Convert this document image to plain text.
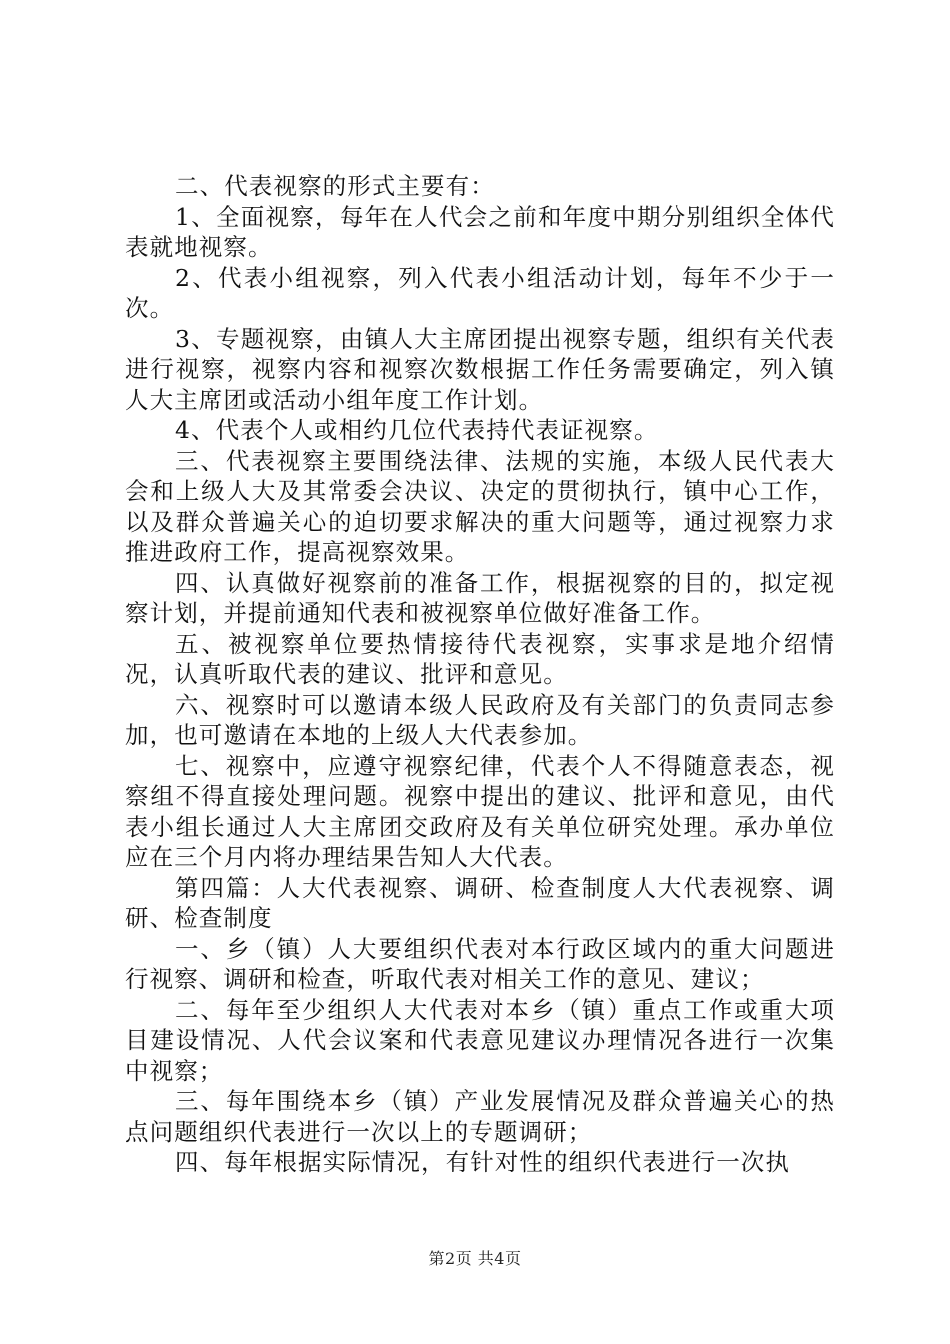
二、代表视察的形式主要有：

1、全面视察，每年在人代会之前和年度中期分别组织全体代表就地视察。

2、代表小组视察，列入代表小组活动计划，每年不少于一次。

3、专题视察，由镇人大主席团提出视察专题，组织有关代表进行视察，视察内容和视察次数根据工作任务需要确定，列入镇人大主席团或活动小组年度工作计划。

4、代表个人或相约几位代表持代表证视察。

三、代表视察主要围绕法律、法规的实施，本级人民代表大会和上级人大及其常委会决议、决定的贯彻执行，镇中心工作，以及群众普遍关心的迫切要求解决的重大问题等，通过视察力求推进政府工作，提高视察效果。

四、认真做好视察前的准备工作，根据视察的目的，拟定视察计划，并提前通知代表和被视察单位做好准备工作。

五、被视察单位要热情接待代表视察，实事求是地介绍情况，认真听取代表的建议、批评和意见。

六、视察时可以邀请本级人民政府及有关部门的负责同志参加，也可邀请在本地的上级人大代表参加。

七、视察中，应遵守视察纪律，代表个人不得随意表态，视察组不得直接处理问题。视察中提出的建议、批评和意见，由代表小组长通过人大主席团交政府及有关单位研究处理。承办单位应在三个月内将办理结果告知人大代表。

第四篇：人大代表视察、调研、检查制度人大代表视察、调研、检查制度

一、乡（镇）人大要组织代表对本行政区域内的重大问题进行视察、调研和检查，听取代表对相关工作的意见、建议；

二、每年至少组织人大代表对本乡（镇）重点工作或重大项目建设情况、人代会议案和代表意见建议办理情况各进行一次集中视察；

三、每年围绕本乡（镇）产业发展情况及群众普遍关心的热点问题组织代表进行一次以上的专题调研；

四、每年根据实际情况，有针对性的组织代表进行一次执

第2页 共4页
